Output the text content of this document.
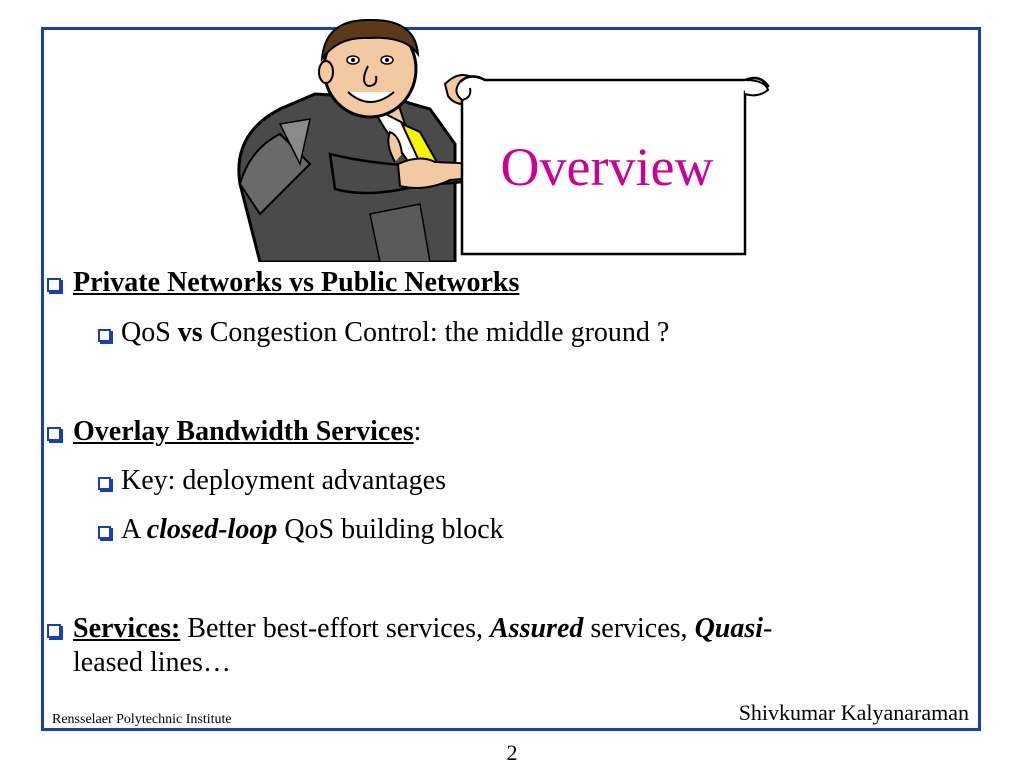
Overview
Private Networks vs Public Networks
QoS vs Congestion Control: the middle ground ?
Overlay Bandwidth Services:
Key: deployment advantages
A closed-loop QoS building block
Services: Better best-effort services, Assured services, Quasi-
leased lines…
Rensselaer Polytechnic Institute	Shivkumar Kalyanaraman
2
